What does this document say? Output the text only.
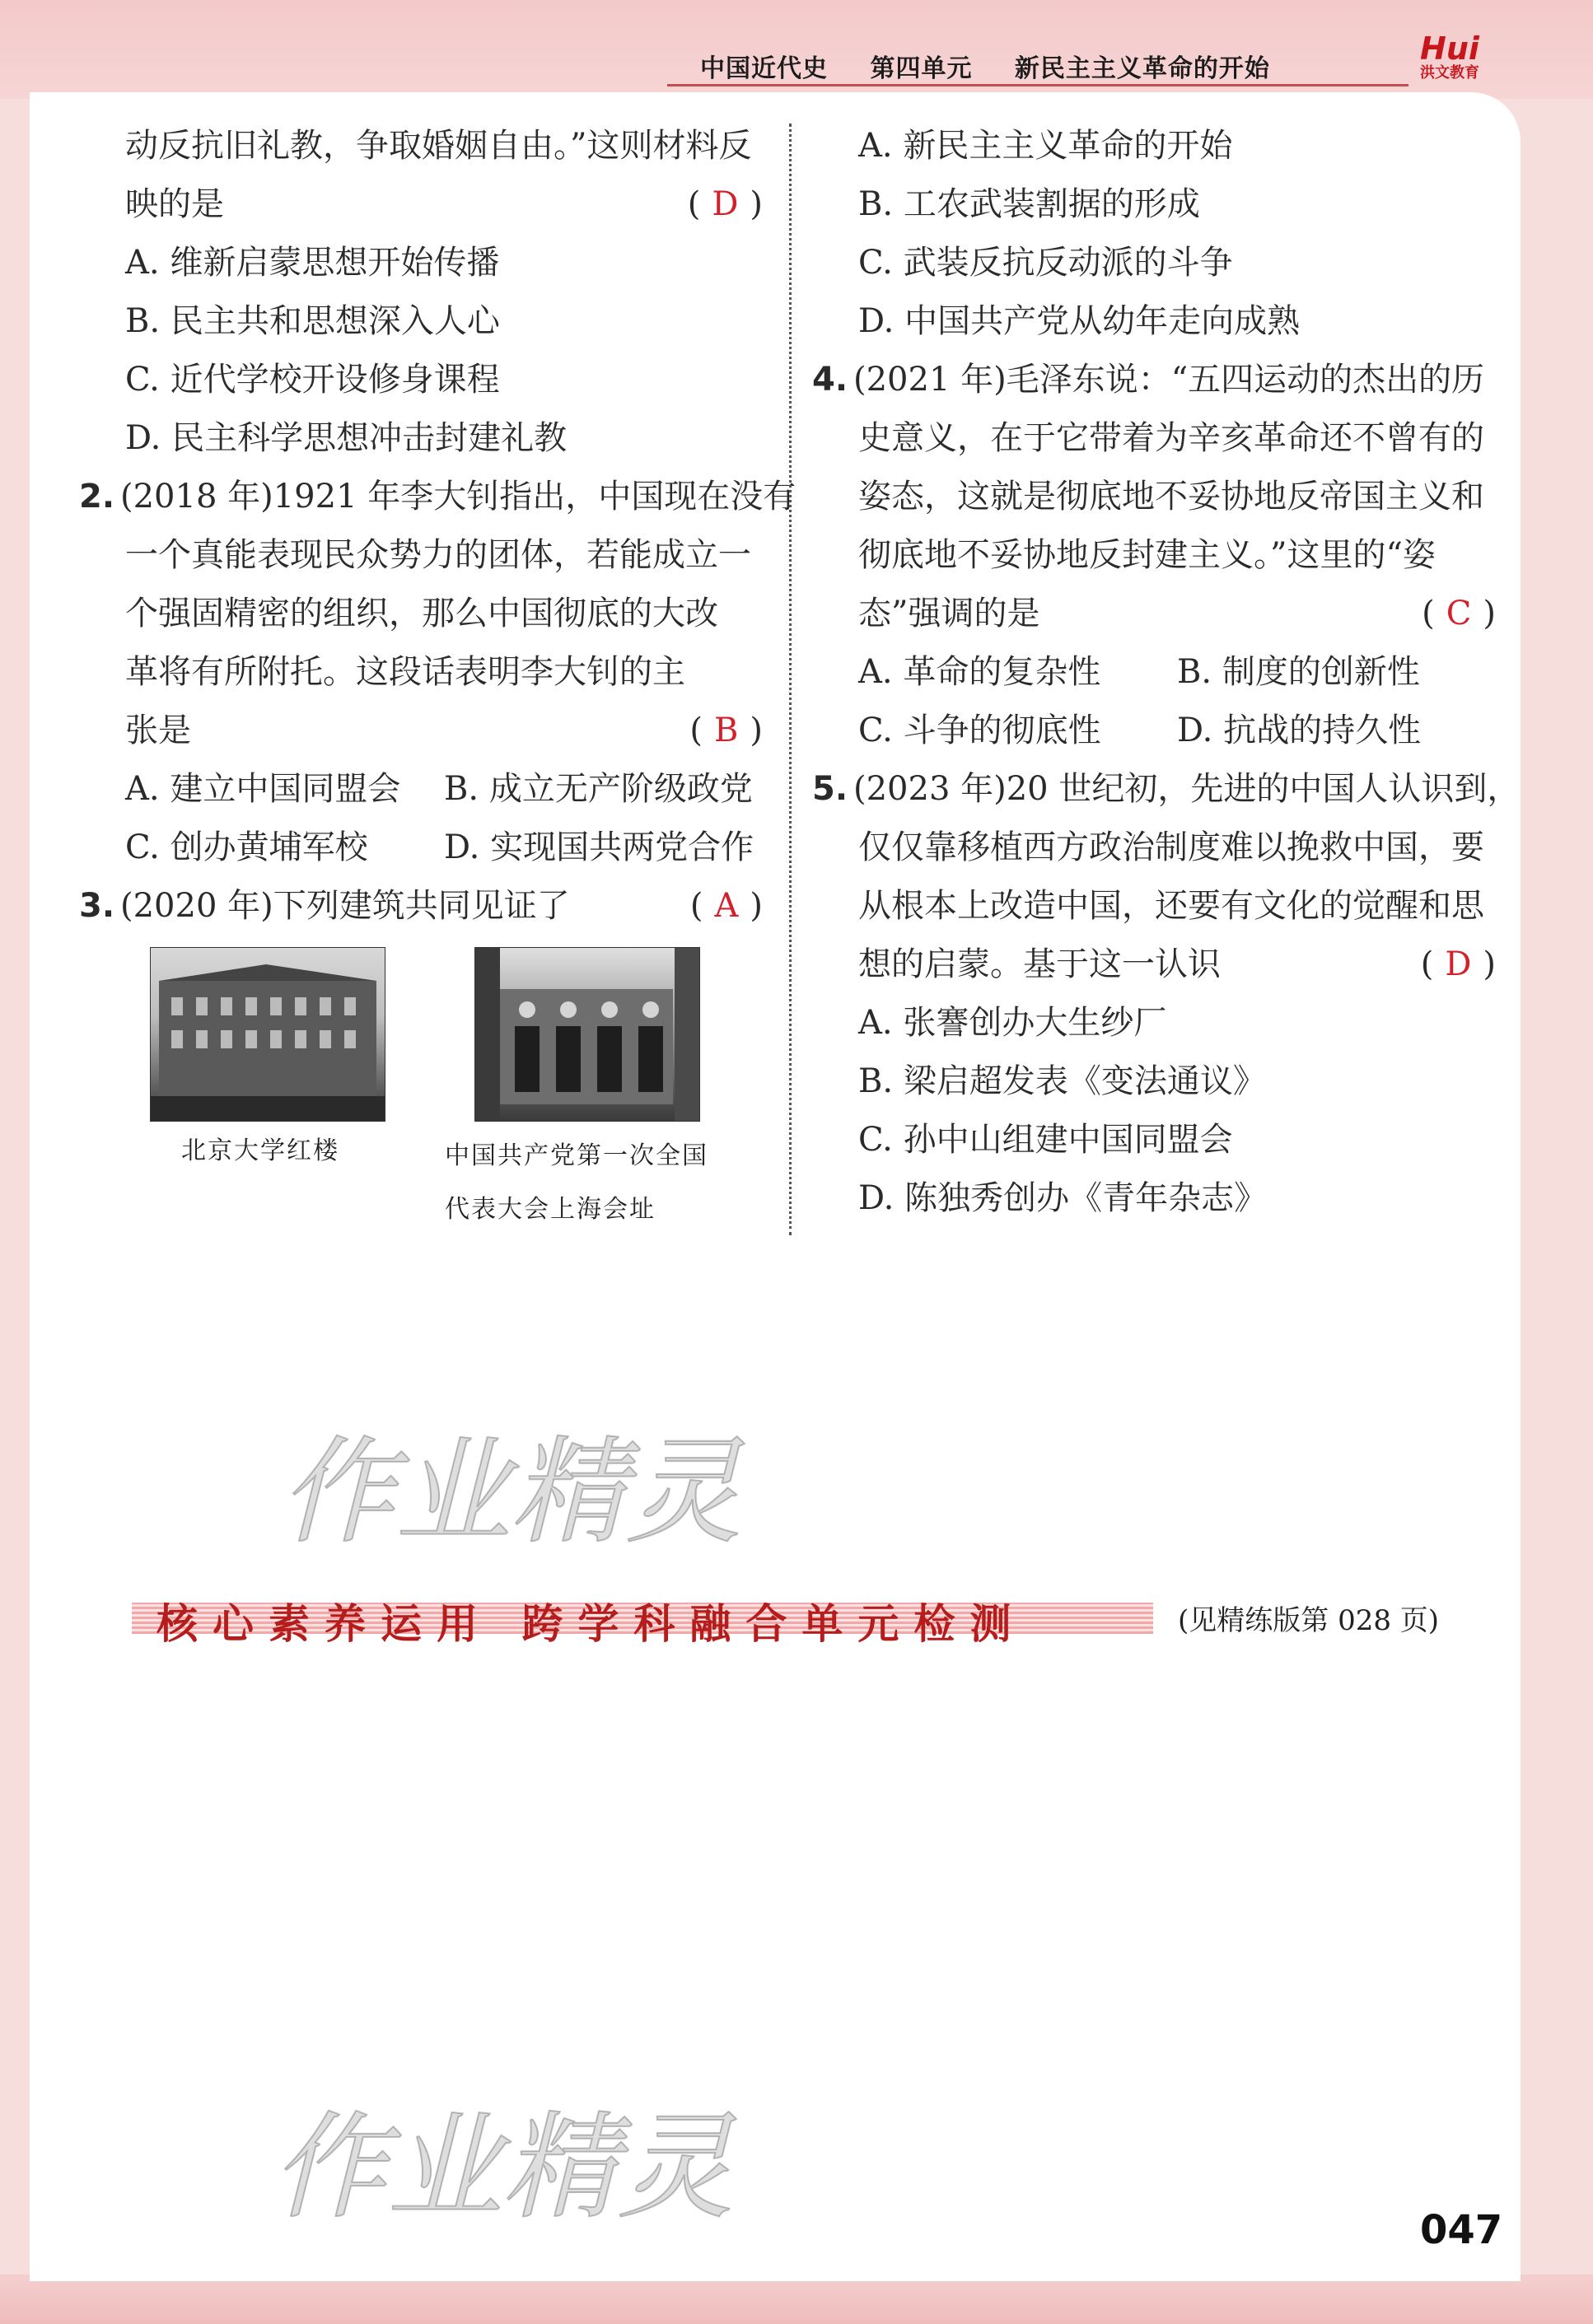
中国近代史 第四单元 新民主主义革命的开始
Hui
洪文教育
动反抗旧礼教，争取婚姻自由。”这则材料反
映的是	( D )
A. 维新启蒙思想开始传播
B. 民主共和思想深入人心
C. 近代学校开设修身课程
D. 民主科学思想冲击封建礼教
2. (2018 年)1921 年李大钊指出，中国现在没有
一个真能表现民众势力的团体，若能成立一
个强固精密的组织，那么中国彻底的大改
革将有所附托。这段话表明李大钊的主
张是	( B )
A. 建立中国同盟会	B. 成立无产阶级政党
C. 创办黄埔军校	D. 实现国共两党合作
3. (2020 年)下列建筑共同见证了	( A )
北京大学红楼	中国共产党第一次全国
代表大会上海会址
A. 新民主主义革命的开始
B. 工农武装割据的形成
C. 武装反抗反动派的斗争
D. 中国共产党从幼年走向成熟
4. (2021 年)毛泽东说：“五四运动的杰出的历
史意义，在于它带着为辛亥革命还不曾有的
姿态，这就是彻底地不妥协地反帝国主义和
彻底地不妥协地反封建主义。”这里的“姿
态”强调的是	( C )
A. 革命的复杂性	B. 制度的创新性
C. 斗争的彻底性	D. 抗战的持久性
5. (2023 年)20 世纪初，先进的中国人认识到，
仅仅靠移植西方政治制度难以挽救中国，要
从根本上改造中国，还要有文化的觉醒和思
想的启蒙。基于这一认识	( D )
A. 张謇创办大生纱厂
B. 梁启超发表《变法通议》
C. 孙中山组建中国同盟会
D. 陈独秀创办《青年杂志》
作业精灵
作业精灵
核心素养运用 跨学科融合单元检测	(见精练版第 028 页)
047
